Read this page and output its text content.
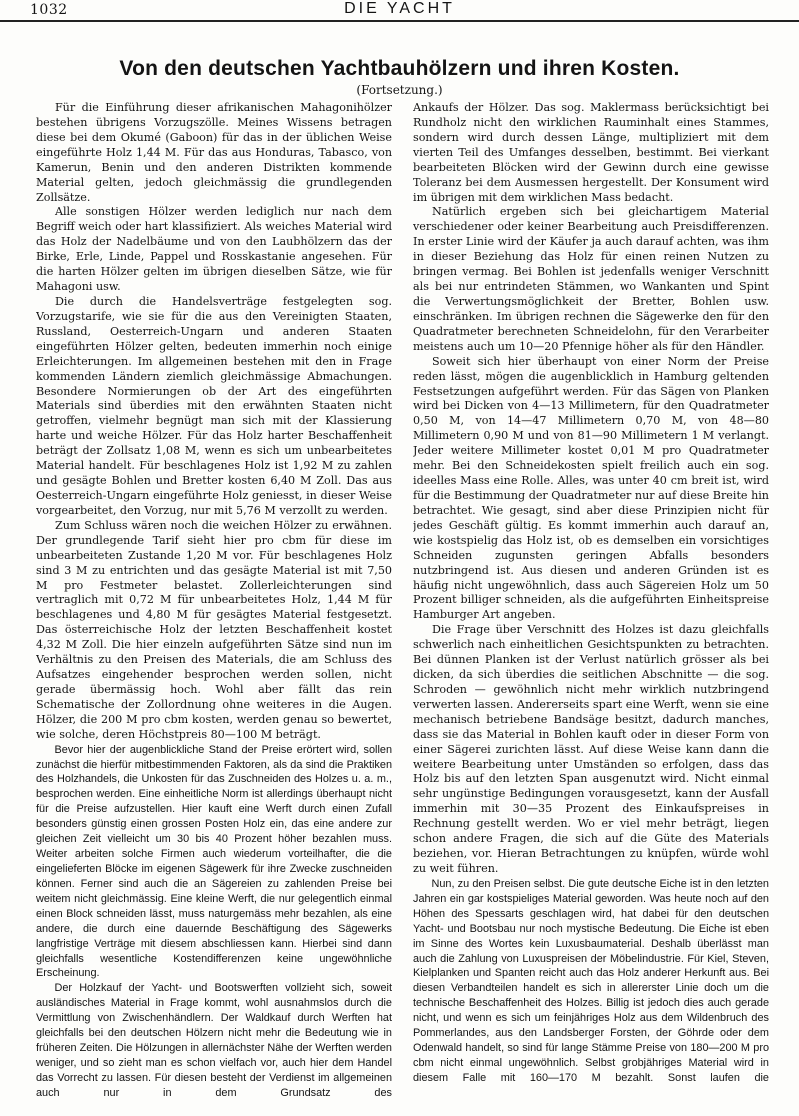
1032	DIE YACHT
Von den deutschen Yachtbauhölzern und ihren Kosten.
(Fortsetzung.)

Für die Einführung dieser afrikanischen Mahagonihölzer bestehen übrigens Vorzugszölle. Meines Wissens betragen diese bei dem Okumé (Gaboon) für das in der üblichen Weise eingeführte Holz 1,44 M. Für das aus Honduras, Tabasco, von Kamerun, Benin und den anderen Distrikten kommende Material gelten, jedoch gleichmässig die grundlegenden Zollsätze.

Alle sonstigen Hölzer werden lediglich nur nach dem Begriff weich oder hart klassifiziert. Als weiches Material wird das Holz der Nadelbäume und von den Laubhölzern das der Birke, Erle, Linde, Pappel und Rosskastanie angesehen. Für die harten Hölzer gelten im übrigen dieselben Sätze, wie für Mahagoni usw.

Die durch die Handelsverträge festgelegten sog. Vorzugstarife, wie sie für die aus den Vereinigten Staaten, Russland, Oesterreich-Ungarn und anderen Staaten eingeführten Hölzer gelten, bedeuten immerhin noch einige Erleichterungen. Im allgemeinen bestehen mit den in Frage kommenden Ländern ziemlich gleichmässige Abmachungen. Besondere Normierungen ob der Art des eingeführten Materials sind überdies mit den erwähnten Staaten nicht getroffen, vielmehr begnügt man sich mit der Klassierung harte und weiche Hölzer. Für das Holz harter Beschaffenheit beträgt der Zollsatz 1,08 M, wenn es sich um unbearbeitetes Material handelt. Für beschlagenes Holz ist 1,92 M zu zahlen und gesägte Bohlen und Bretter kosten 6,40 M Zoll. Das aus Oesterreich-Ungarn eingeführte Holz geniesst, in dieser Weise vorgearbeitet, den Vorzug, nur mit 5,76 M verzollt zu werden.

Zum Schluss wären noch die weichen Hölzer zu erwähnen. Der grundlegende Tarif sieht hier pro cbm für diese im unbearbeiteten Zustande 1,20 M vor. Für beschlagenes Holz sind 3 M zu entrichten und das gesägte Material ist mit 7,50 M pro Festmeter belastet. Zollerleichterungen sind vertraglich mit 0,72 M für unbearbeitetes Holz, 1,44 M für beschlagenes und 4,80 M für gesägtes Material festgesetzt. Das österreichische Holz der letzten Beschaffenheit kostet 4,32 M Zoll. Die hier einzeln aufgeführten Sätze sind nun im Verhältnis zu den Preisen des Materials, die am Schluss des Aufsatzes eingehender besprochen werden sollen, nicht gerade übermässig hoch. Wohl aber fällt das rein Schematische der Zollordnung ohne weiteres in die Augen. Hölzer, die 200 M pro cbm kosten, werden genau so bewertet, wie solche, deren Höchstpreis 80—100 M beträgt.

Bevor hier der augenblickliche Stand der Preise erörtert wird, sollen zunächst die hierfür mitbestimmenden Faktoren, als da sind die Praktiken des Holzhandels, die Unkosten für das Zuschneiden des Holzes u. a. m., besprochen werden. Eine einheitliche Norm ist allerdings überhaupt nicht für die Preise aufzustellen. Hier kauft eine Werft durch einen Zufall besonders günstig einen grossen Posten Holz ein, das eine andere zur gleichen Zeit vielleicht um 30 bis 40 Prozent höher bezahlen muss. Weiter arbeiten solche Firmen auch wiederum vorteilhafter, die die eingelieferten Blöcke im eigenen Sägewerk für ihre Zwecke zuschneiden können. Ferner sind auch die an Sägereien zu zahlenden Preise bei weitem nicht gleichmässig. Eine kleine Werft, die nur gelegentlich einmal einen Block schneiden lässt, muss naturgemäss mehr bezahlen, als eine andere, die durch eine dauernde Beschäftigung des Sägewerks langfristige Verträge mit diesem abschliessen kann. Hierbei sind dann gleichfalls wesentliche Kostendifferenzen keine ungewöhnliche Erscheinung.

Der Holzkauf der Yacht- und Bootswerften vollzieht sich, soweit ausländisches Material in Frage kommt, wohl ausnahmslos durch die Vermittlung von Zwischenhändlern. Der Waldkauf durch Werften hat gleichfalls bei den deutschen Hölzern nicht mehr die Bedeutung wie in früheren Zeiten. Die Hölzungen in allernächster Nähe der Werften werden weniger, und so zieht man es schon vielfach vor, auch hier dem Handel das Vorrecht zu lassen. Für diesen besteht der Verdienst im allgemeinen auch nur in dem Grundsatz des

Ankaufs der Hölzer. Das sog. Maklermass berücksichtigt bei Rundholz nicht den wirklichen Rauminhalt eines Stammes, sondern wird durch dessen Länge, multipliziert mit dem vierten Teil des Umfanges desselben, bestimmt. Bei vierkant bearbeiteten Blöcken wird der Gewinn durch eine gewisse Toleranz bei dem Ausmessen hergestellt. Der Konsument wird im übrigen mit dem wirklichen Mass bedacht.

Natürlich ergeben sich bei gleichartigem Material verschiedener oder keiner Bearbeitung auch Preisdifferenzen. In erster Linie wird der Käufer ja auch darauf achten, was ihm in dieser Beziehung das Holz für einen reinen Nutzen zu bringen vermag. Bei Bohlen ist jedenfalls weniger Verschnitt als bei nur entrindeten Stämmen, wo Wankanten und Spint die Verwertungsmöglichkeit der Bretter, Bohlen usw. einschränken. Im übrigen rechnen die Sägewerke den für den Quadratmeter berechneten Schneidelohn, für den Verarbeiter meistens auch um 10—20 Pfennige höher als für den Händler.

Soweit sich hier überhaupt von einer Norm der Preise reden lässt, mögen die augenblicklich in Hamburg geltenden Festsetzungen aufgeführt werden. Für das Sägen von Planken wird bei Dicken von 4—13 Millimetern, für den Quadratmeter 0,50 M, von 14—47 Millimetern 0,70 M, von 48—80 Millimetern 0,90 M und von 81—90 Millimetern 1 M verlangt. Jeder weitere Millimeter kostet 0,01 M pro Quadratmeter mehr. Bei den Schneidekosten spielt freilich auch ein sog. ideelles Mass eine Rolle. Alles, was unter 40 cm breit ist, wird für die Bestimmung der Quadratmeter nur auf diese Breite hin betrachtet. Wie gesagt, sind aber diese Prinzipien nicht für jedes Geschäft gültig. Es kommt immerhin auch darauf an, wie kostspielig das Holz ist, ob es demselben ein vorsichtiges Schneiden zugunsten geringen Abfalls besonders nutzbringend ist. Aus diesen und anderen Gründen ist es häufig nicht ungewöhnlich, dass auch Sägereien Holz um 50 Prozent billiger schneiden, als die aufgeführten Einheitspreise Hamburger Art angeben.

Die Frage über Verschnitt des Holzes ist dazu gleichfalls schwerlich nach einheitlichen Gesichtspunkten zu betrachten. Bei dünnen Planken ist der Verlust natürlich grösser als bei dicken, da sich überdies die seitlichen Abschnitte — die sog. Schroden — gewöhnlich nicht mehr wirklich nutzbringend verwerten lassen. Andererseits spart eine Werft, wenn sie eine mechanisch betriebene Bandsäge besitzt, dadurch manches, dass sie das Material in Bohlen kauft oder in dieser Form von einer Sägerei zurichten lässt. Auf diese Weise kann dann die weitere Bearbeitung unter Umständen so erfolgen, dass das Holz bis auf den letzten Span ausgenutzt wird. Nicht einmal sehr ungünstige Bedingungen vorausgesetzt, kann der Ausfall immerhin mit 30—35 Prozent des Einkaufspreises in Rechnung gestellt werden. Wo er viel mehr beträgt, liegen schon andere Fragen, die sich auf die Güte des Materials beziehen, vor. Hieran Betrachtungen zu knüpfen, würde wohl zu weit führen.

Nun, zu den Preisen selbst. Die gute deutsche Eiche ist in den letzten Jahren ein gar kostspieliges Material geworden. Was heute noch auf den Höhen des Spessarts geschlagen wird, hat dabei für den deutschen Yacht- und Bootsbau nur noch mystische Bedeutung. Die Eiche ist eben im Sinne des Wortes kein Luxusbaumaterial. Deshalb überlässt man auch die Zahlung von Luxuspreisen der Möbelindustrie. Für Kiel, Steven, Kielplanken und Spanten reicht auch das Holz anderer Herkunft aus. Bei diesen Verbandteilen handelt es sich in allererster Linie doch um die technische Beschaffenheit des Holzes. Billig ist jedoch dies auch gerade nicht, und wenn es sich um feinjähriges Holz aus dem Wildenbruch des Pommerlandes, aus den Landsberger Forsten, der Göhrde oder dem Odenwald handelt, so sind für lange Stämme Preise von 180—200 M pro cbm nicht einmal ungewöhnlich. Selbst grobjähriges Material wird in diesem Falle mit 160—170 M bezahlt. Sonst laufen die
